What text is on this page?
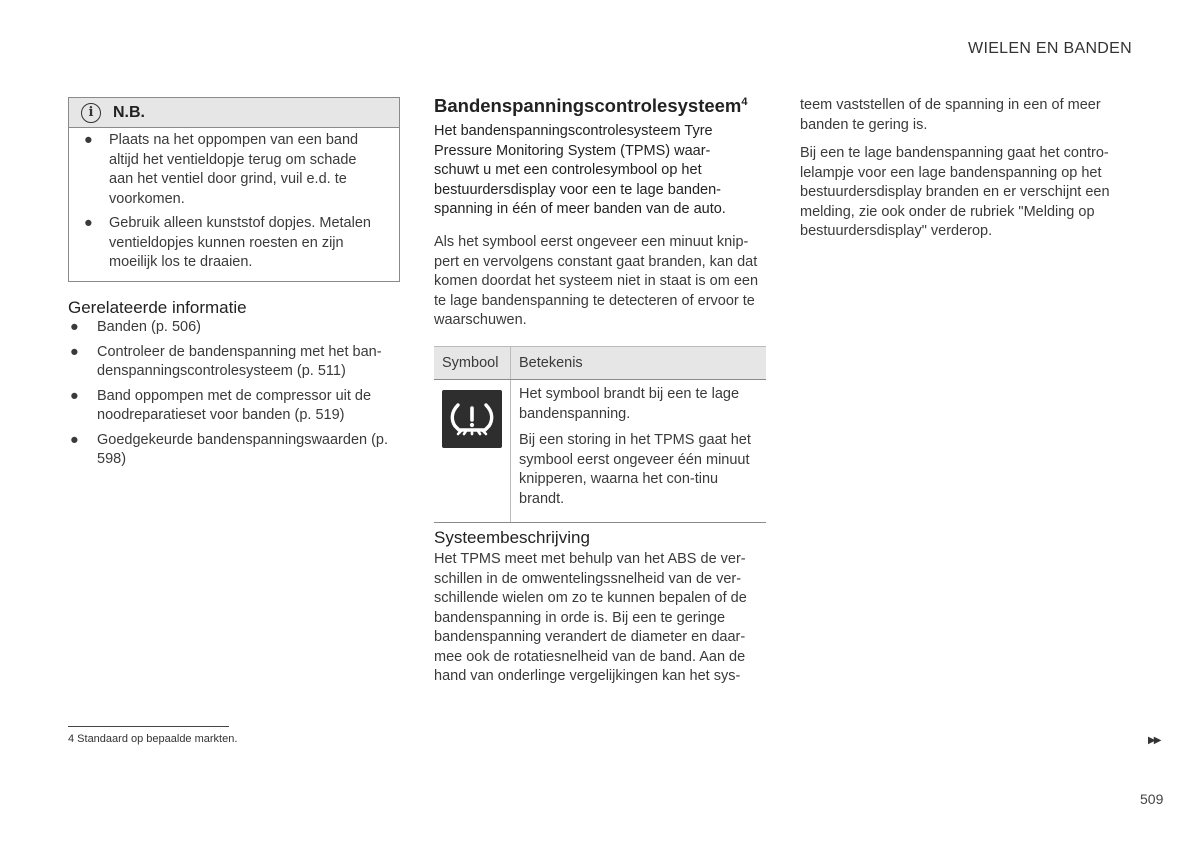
WIELEN EN BANDEN
i	N.B.
● Plaats na het oppompen van een band altijd het ventieldopje terug om schade aan het ventiel door grind, vuil e.d. te voorkomen.
● Gebruik alleen kunststof dopjes. Metalen ventieldopjes kunnen roesten en zijn moeilijk los te draaien.
Gerelateerde informatie
● Banden (p. 506)
● Controleer de bandenspanning met het ban-denspanningscontrolesysteem (p. 511)
● Band oppompen met de compressor uit de noodreparatieset voor banden (p. 519)
● Goedgekeurde bandenspanningswaarden (p. 598)
Bandenspanningscontrolesysteem$^4$
Het bandenspanningscontrolesysteem Tyre Pressure Monitoring System (TPMS) waar-schuwt u met een controlesymbool op het bestuurdersdisplay voor een te lage banden-spanning in één of meer banden van de auto.
Als het symbool eerst ongeveer een minuut knip-pert en vervolgens constant gaat branden, kan dat komen doordat het systeem niet in staat is om een te lage bandenspanning te detecteren of ervoor te waarschuwen.
Symbool	Betekenis

Het symbool brandt bij een te lage bandenspanning.

Bij een storing in het TPMS gaat het symbool eerst ongeveer één minuut knipperen, waarna het con-tinu brandt.

Systeembeschrijving
Het TPMS meet met behulp van het ABS de ver-schillen in de omwentelingssnelheid van de ver-schillende wielen om zo te kunnen bepalen of de bandenspanning in orde is. Bij een te geringe bandenspanning verandert de diameter en daar-mee ook de rotatiesnelheid van de band. Aan de hand van onderlinge vergelijkingen kan het sys-
teem vaststellen of de spanning in een of meer banden te gering is.
Bij een te lage bandenspanning gaat het contro-lelampje voor een lage bandenspanning op het bestuurdersdisplay branden en er verschijnt een melding, zie ook onder de rubriek "Melding op bestuurdersdisplay" verderop.
4 Standaard op bepaalde markten.	▶▶
509
